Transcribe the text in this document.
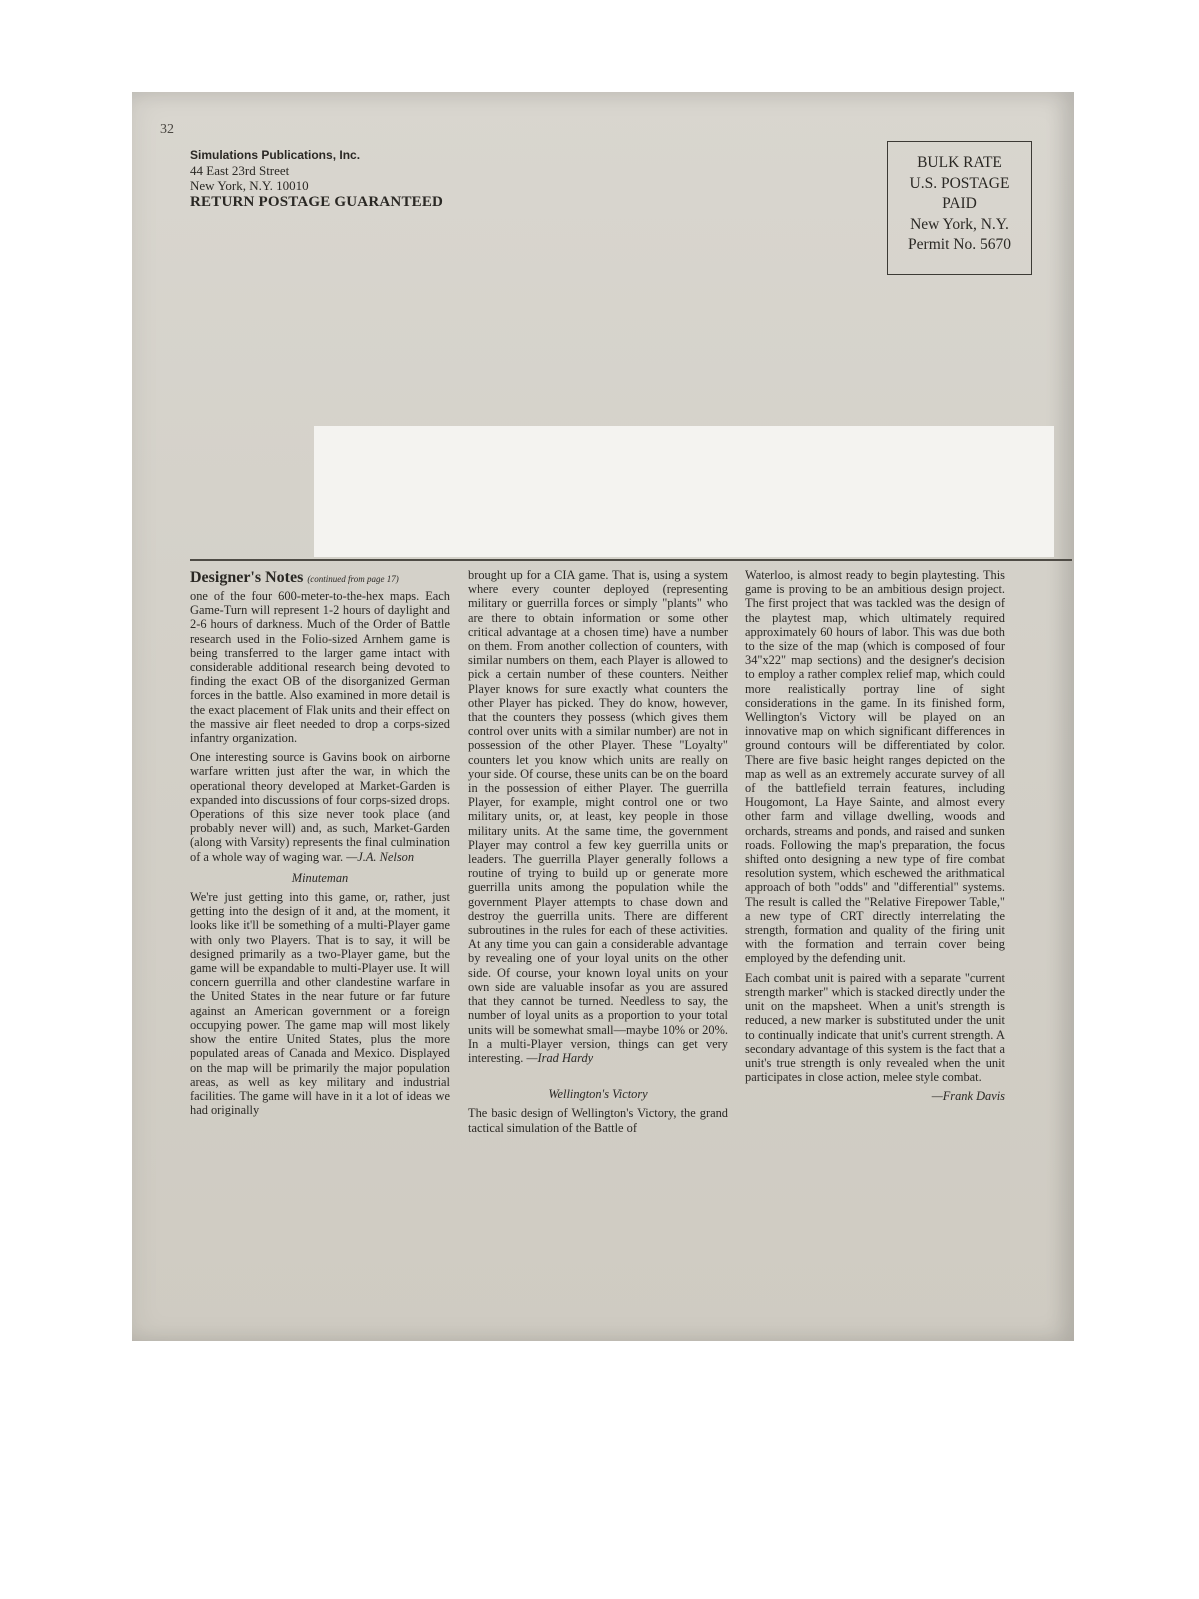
32
Simulations Publications, Inc.
44 East 23rd Street
New York, N.Y. 10010
RETURN POSTAGE GUARANTEED
BULK RATE
U.S. POSTAGE
PAID
New York, N.Y.
Permit No. 5670
Designer's Notes (continued from page 17)

one of the four 600-meter-to-the-hex maps. Each Game-Turn will represent 1-2 hours of daylight and 2-6 hours of darkness. Much of the Order of Battle research used in the Folio-sized Arnhem game is being transferred to the larger game intact with considerable additional research being devoted to finding the exact OB of the disorganized German forces in the battle. Also examined in more detail is the exact placement of Flak units and their effect on the massive air fleet needed to drop a corps-sized infantry organization.

One interesting source is Gavins book on airborne warfare written just after the war, in which the operational theory developed at Market-Garden is expanded into discussions of four corps-sized drops. Operations of this size never took place (and probably never will) and, as such, Market-Garden (along with Varsity) represents the final culmination of a whole way of waging war. —J.A. Nelson

Minuteman

We're just getting into this game, or, rather, just getting into the design of it and, at the moment, it looks like it'll be something of a multi-Player game with only two Players. That is to say, it will be designed primarily as a two-Player game, but the game will be expandable to multi-Player use. It will concern guerrilla and other clandestine warfare in the United States in the near future or far future against an American government or a foreign occupying power. The game map will most likely show the entire United States, plus the more populated areas of Canada and Mexico. Displayed on the map will be primarily the major population areas, as well as key military and industrial facilities. The game will have in it a lot of ideas we had originally

brought up for a CIA game. That is, using a system where every counter deployed (representing military or guerrilla forces or simply "plants" who are there to obtain information or some other critical advantage at a chosen time) have a number on them. From another collection of counters, with similar numbers on them, each Player is allowed to pick a certain number of these counters. Neither Player knows for sure exactly what counters the other Player has picked. They do know, however, that the counters they possess (which gives them control over units with a similar number) are not in possession of the other Player. These "Loyalty" counters let you know which units are really on your side. Of course, these units can be on the board in the possession of either Player. The guerrilla Player, for example, might control one or two military units, or, at least, key people in those military units. At the same time, the government Player may control a few key guerrilla units or leaders. The guerrilla Player generally follows a routine of trying to build up or generate more guerrilla units among the population while the government Player attempts to chase down and destroy the guerrilla units. There are different subroutines in the rules for each of these activities. At any time you can gain a considerable advantage by revealing one of your loyal units on the other side. Of course, your known loyal units on your own side are valuable insofar as you are assured that they cannot be turned. Needless to say, the number of loyal units as a proportion to your total units will be somewhat small—maybe 10% or 20%. In a multi-Player version, things can get very interesting. —Irad Hardy

Wellington's Victory

The basic design of Wellington's Victory, the grand tactical simulation of the Battle of

Waterloo, is almost ready to begin playtesting. This game is proving to be an ambitious design project. The first project that was tackled was the design of the playtest map, which ultimately required approximately 60 hours of labor. This was due both to the size of the map (which is composed of four 34"x22" map sections) and the designer's decision to employ a rather complex relief map, which could more realistically portray line of sight considerations in the game. In its finished form, Wellington's Victory will be played on an innovative map on which significant differences in ground contours will be differentiated by color. There are five basic height ranges depicted on the map as well as an extremely accurate survey of all of the battlefield terrain features, including Hougomont, La Haye Sainte, and almost every other farm and village dwelling, woods and orchards, streams and ponds, and raised and sunken roads. Following the map's preparation, the focus shifted onto designing a new type of fire combat resolution system, which eschewed the arithmatical approach of both "odds" and "differential" systems. The result is called the "Relative Firepower Table," a new type of CRT directly interrelating the strength, formation and quality of the firing unit with the formation and terrain cover being employed by the defending unit.

Each combat unit is paired with a separate "current strength marker" which is stacked directly under the unit on the mapsheet. When a unit's strength is reduced, a new marker is substituted under the unit to continually indicate that unit's current strength. A secondary advantage of this system is the fact that a unit's true strength is only revealed when the unit participates in close action, melee style combat.

—Frank Davis
